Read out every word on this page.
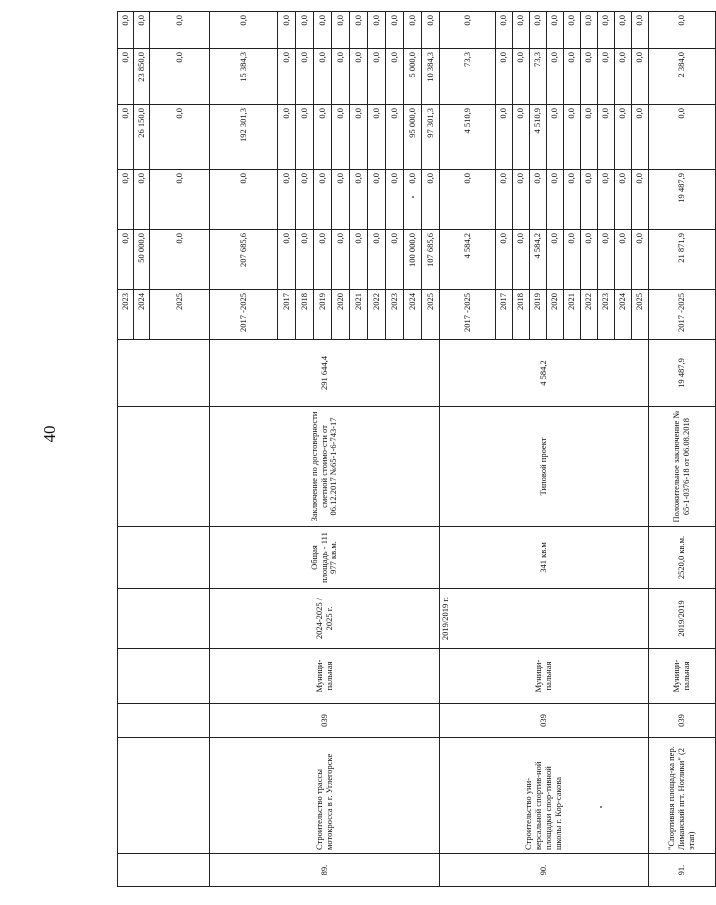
40
								2023	0,0	0,0	0,0	0,0	0,0	
								2024	50 000,0	0,0	26 150,0	23 850,0	0,0	
								2025	0,0	0,0	0,0	0,0	0,0	
89.	Строительство трассы мотокросса в г. Углегорске	039	Муници-пальная	2024-2025 / 2025 г.	Общая площадь - 111 977 кв.м.	Заключение по достоверности сметной стоимо-сти от 06.12.2017 №65-1-6-743-17	291 644,4	2017 -2025	207 685,6	0,0	192 301,3	15 384,3	0,0	
								2017	0,0	0,0	0,0	0,0	0,0	
								2018	0,0	0,0	0,0	0,0	0,0	
								2019	0,0	0,0	0,0	0,0	0,0	
								2020	0,0	0,0	0,0	0,0	0,0	
								2021	0,0	0,0	0,0	0,0	0,0	
								2022	0,0	0,0	0,0	0,0	0,0	
								2023	0,0	0,0	0,0	0,0	0,0	
								2024	100 000,0	0,0	95 000,0	5 000,0	0,0	
								2025	107 685,6	0,0	97 301,3	10 384,3	0,0	
90.	Строительство уни-версальной спортив-ной площадки спор-тивной школы г. Кор-сакова	039	Муници-пальная	2019/2019 г.	341 кв.м	Типовой проект	4 584,2	2017 -2025	4 584,2	0,0	4 510,9	73,3	0,0	
								2017	0,0	0,0	0,0	0,0	0,0	
								2018	0,0	0,0	0,0	0,0	0,0	
								2019	4 584,2	0,0	4 510,9	73,3	0,0	
								2020	0,0	0,0	0,0	0,0	0,0	
								2021	0,0	0,0	0,0	0,0	0,0	
								2022	0,0	0,0	0,0	0,0	0,0	
								2023	0,0	0,0	0,0	0,0	0,0	
								2024	0,0	0,0	0,0	0,0	0,0	
								2025	0,0	0,0	0,0	0,0	0,0	
91.	"Спортивная площад-ка пер. Лиманский пгт. Ноглики" (2 этап)	039	Муници-пальная	2019/2019	2520,0 кв.м.	Положительное заключение № 65-1-0376-18 от 06.08.2018	19 487,9	2017 -2025	21 871,9	19 487,9	0,0	2 384,0	0,0	
